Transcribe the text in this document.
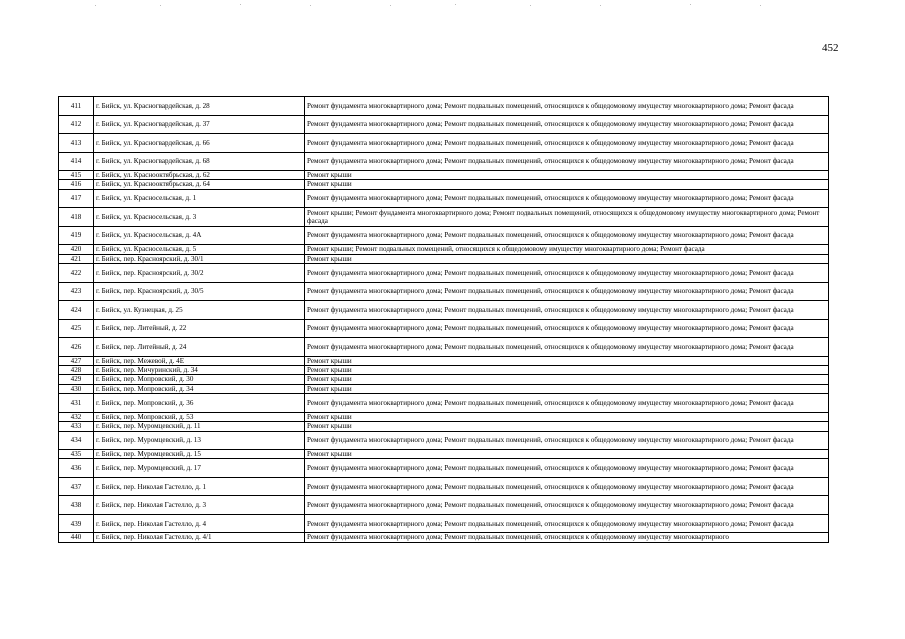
452
411	г. Бийск, ул. Красногвардейская, д. 28	Ремонт фундамента многоквартирного дома; Ремонт подвальных помещений, относящихся к общедомовому имуществу многоквартирного дома; Ремонт фасада
412	г. Бийск, ул. Красногвардейская, д. 37	Ремонт фундамента многоквартирного дома; Ремонт подвальных помещений, относящихся к общедомовому имуществу многоквартирного дома; Ремонт фасада
413	г. Бийск, ул. Красногвардейская, д. 66	Ремонт фундамента многоквартирного дома; Ремонт подвальных помещений, относящихся к общедомовому имуществу многоквартирного дома; Ремонт фасада
414	г. Бийск, ул. Красногвардейская, д. 68	Ремонт фундамента многоквартирного дома; Ремонт подвальных помещений, относящихся к общедомовому имуществу многоквартирного дома; Ремонт фасада
415	г. Бийск, ул. Краснооктябрьская, д. 62	Ремонт крыши
416	г. Бийск, ул. Краснооктябрьская, д. 64	Ремонт крыши
417	г. Бийск, ул. Красносельская, д. 1	Ремонт фундамента многоквартирного дома; Ремонт подвальных помещений, относящихся к общедомовому имуществу многоквартирного дома; Ремонт фасада
418	г. Бийск, ул. Красносельская, д. 3	Ремонт крыши; Ремонт фундамента многоквартирного дома; Ремонт подвальных помещений, относящихся к общедомовому имуществу многоквартирного дома; Ремонт фасада
419	г. Бийск, ул. Красносельская, д. 4А	Ремонт фундамента многоквартирного дома; Ремонт подвальных помещений, относящихся к общедомовому имуществу многоквартирного дома; Ремонт фасада
420	г. Бийск, ул. Красносельская, д. 5	Ремонт крыши; Ремонт подвальных помещений, относящихся к общедомовому имуществу многоквартирного дома; Ремонт фасада
421	г. Бийск, пер. Красноярский, д. 30/1	Ремонт крыши
422	г. Бийск, пер. Красноярский, д. 30/2	Ремонт фундамента многоквартирного дома; Ремонт подвальных помещений, относящихся к общедомовому имуществу многоквартирного дома; Ремонт фасада
423	г. Бийск, пер. Красноярский, д. 30/5	Ремонт фундамента многоквартирного дома; Ремонт подвальных помещений, относящихся к общедомовому имуществу многоквартирного дома; Ремонт фасада
424	г. Бийск, ул. Кузнецкая, д. 25	Ремонт фундамента многоквартирного дома; Ремонт подвальных помещений, относящихся к общедомовому имуществу многоквартирного дома; Ремонт фасада
425	г. Бийск, пер. Литейный, д. 22	Ремонт фундамента многоквартирного дома; Ремонт подвальных помещений, относящихся к общедомовому имуществу многоквартирного дома; Ремонт фасада
426	г. Бийск, пер. Литейный, д. 24	Ремонт фундамента многоквартирного дома; Ремонт подвальных помещений, относящихся к общедомовому имуществу многоквартирного дома; Ремонт фасада
427	г. Бийск, пер. Межевой, д. 4Е	Ремонт крыши
428	г. Бийск, пер. Мичуринский, д. 34	Ремонт крыши
429	г. Бийск, пер. Мопровский, д. 30	Ремонт крыши
430	г. Бийск, пер. Мопровский, д. 34	Ремонт крыши
431	г. Бийск, пер. Мопровский, д. 36	Ремонт фундамента многоквартирного дома; Ремонт подвальных помещений, относящихся к общедомовому имуществу многоквартирного дома; Ремонт фасада
432	г. Бийск, пер. Мопровский, д. 53	Ремонт крыши
433	г. Бийск, пер. Муромцевский, д. 11	Ремонт крыши
434	г. Бийск, пер. Муромцевский, д. 13	Ремонт фундамента многоквартирного дома; Ремонт подвальных помещений, относящихся к общедомовому имуществу многоквартирного дома; Ремонт фасада
435	г. Бийск, пер. Муромцевский, д. 15	Ремонт крыши
436	г. Бийск, пер. Муромцевский, д. 17	Ремонт фундамента многоквартирного дома; Ремонт подвальных помещений, относящихся к общедомовому имуществу многоквартирного дома; Ремонт фасада
437	г. Бийск, пер. Николая Гастелло, д. 1	Ремонт фундамента многоквартирного дома; Ремонт подвальных помещений, относящихся к общедомовому имуществу многоквартирного дома; Ремонт фасада
438	г. Бийск, пер. Николая Гастелло, д. 3	Ремонт фундамента многоквартирного дома; Ремонт подвальных помещений, относящихся к общедомовому имуществу многоквартирного дома; Ремонт фасада
439	г. Бийск, пер. Николая Гастелло, д. 4	Ремонт фундамента многоквартирного дома; Ремонт подвальных помещений, относящихся к общедомовому имуществу многоквартирного дома; Ремонт фасада
440	г. Бийск, пер. Николая Гастелло, д. 4/1	Ремонт фундамента многоквартирного дома; Ремонт подвальных помещений, относящихся к общедомовому имуществу многоквартирного
